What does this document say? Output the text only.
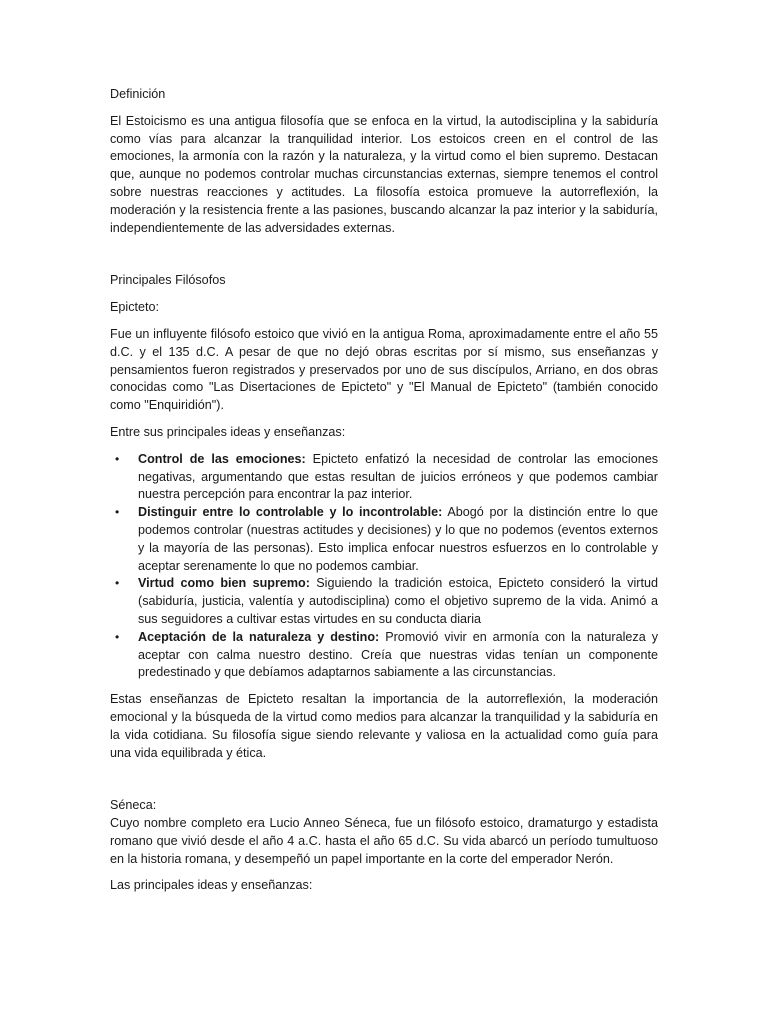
Definición

El Estoicismo es una antigua filosofía que se enfoca en la virtud, la autodisciplina y la sabiduría como vías para alcanzar la tranquilidad interior. Los estoicos creen en el control de las emociones, la armonía con la razón y la naturaleza, y la virtud como el bien supremo. Destacan que, aunque no podemos controlar muchas circunstancias externas, siempre tenemos el control sobre nuestras reacciones y actitudes. La filosofía estoica promueve la autorreflexión, la moderación y la resistencia frente a las pasiones, buscando alcanzar la paz interior y la sabiduría, independientemente de las adversidades externas.

Principales Filósofos
Epicteto:

Fue un influyente filósofo estoico que vivió en la antigua Roma, aproximadamente entre el año 55 d.C. y el 135 d.C. A pesar de que no dejó obras escritas por sí mismo, sus enseñanzas y pensamientos fueron registrados y preservados por uno de sus discípulos, Arriano, en dos obras conocidas como "Las Disertaciones de Epicteto" y "El Manual de Epicteto" (también conocido como "Enquiridión").

Entre sus principales ideas y enseñanzas:
• Control de las emociones: Epicteto enfatizó la necesidad de controlar las emociones negativas, argumentando que estas resultan de juicios erróneos y que podemos cambiar nuestra percepción para encontrar la paz interior.
• Distinguir entre lo controlable y lo incontrolable: Abogó por la distinción entre lo que podemos controlar (nuestras actitudes y decisiones) y lo que no podemos (eventos externos y la mayoría de las personas). Esto implica enfocar nuestros esfuerzos en lo controlable y aceptar serenamente lo que no podemos cambiar.
• Virtud como bien supremo: Siguiendo la tradición estoica, Epicteto consideró la virtud (sabiduría, justicia, valentía y autodisciplina) como el objetivo supremo de la vida. Animó a sus seguidores a cultivar estas virtudes en su conducta diaria
• Aceptación de la naturaleza y destino: Promovió vivir en armonía con la naturaleza y aceptar con calma nuestro destino. Creía que nuestras vidas tenían un componente predestinado y que debíamos adaptarnos sabiamente a las circunstancias.

Estas enseñanzas de Epicteto resaltan la importancia de la autorreflexión, la moderación emocional y la búsqueda de la virtud como medios para alcanzar la tranquilidad y la sabiduría en la vida cotidiana. Su filosofía sigue siendo relevante y valiosa en la actualidad como guía para una vida equilibrada y ética.

Séneca:

Cuyo nombre completo era Lucio Anneo Séneca, fue un filósofo estoico, dramaturgo y estadista romano que vivió desde el año 4 a.C. hasta el año 65 d.C. Su vida abarcó un período tumultuoso en la historia romana, y desempeñó un papel importante en la corte del emperador Nerón.

Las principales ideas y enseñanzas:
